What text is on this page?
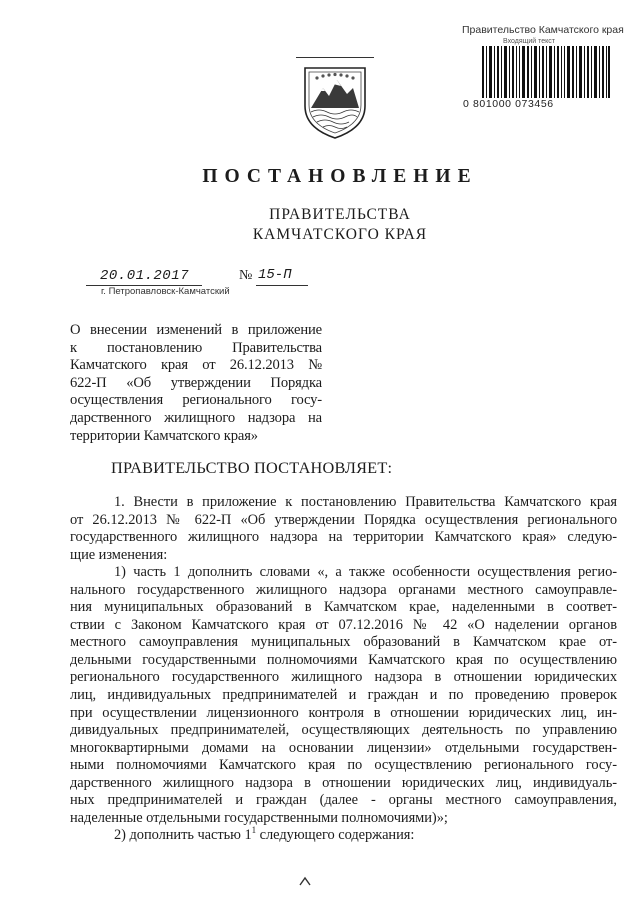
Правительство Камчатского края
Входящий текст
0 801000 073456
ПОСТАНОВЛЕНИЕ
ПРАВИТЕЛЬСТВА
КАМЧАТСКОГО КРАЯ
20.01.2017	№ 15-П
г. Петропавловск-Камчатский
О внесении изменений в приложение
к постановлению Правительства
Камчатского края от 26.12.2013 №
622-П «Об утверждении Порядка
осуществления регионального госу-
дарственного жилищного надзора на
территории Камчатского края»
ПРАВИТЕЛЬСТВО ПОСТАНОВЛЯЕТ:
1. Внести в приложение к постановлению Правительства Камчатского края
от 26.12.2013 № 622-П «Об утверждении Порядка осуществления регионального
государственного жилищного надзора на территории Камчатского края» следую-
щие изменения:
1) часть 1 дополнить словами «, а также особенности осуществления регио-
нального государственного жилищного надзора органами местного самоуправле-
ния муниципальных образований в Камчатском крае, наделенными в соответ-
ствии с Законом Камчатского края от 07.12.2016 № 42 «О наделении органов
местного самоуправления муниципальных образований в Камчатском крае от-
дельными государственными полномочиями Камчатского края по осуществлению
регионального государственного жилищного надзора в отношении юридических
лиц, индивидуальных предпринимателей и граждан и по проведению проверок
при осуществлении лицензионного контроля в отношении юридических лиц, ин-
дивидуальных предпринимателей, осуществляющих деятельность по управлению
многоквартирными домами на основании лицензии» отдельными государствен-
ными полномочиями Камчатского края по осуществлению регионального госу-
дарственного жилищного надзора в отношении юридических лиц, индивидуаль-
ных предпринимателей и граждан (далее - органы местного самоуправления,
наделенные отдельными государственными полномочиями)»;
2) дополнить частью $1^1$ следующего содержания:
